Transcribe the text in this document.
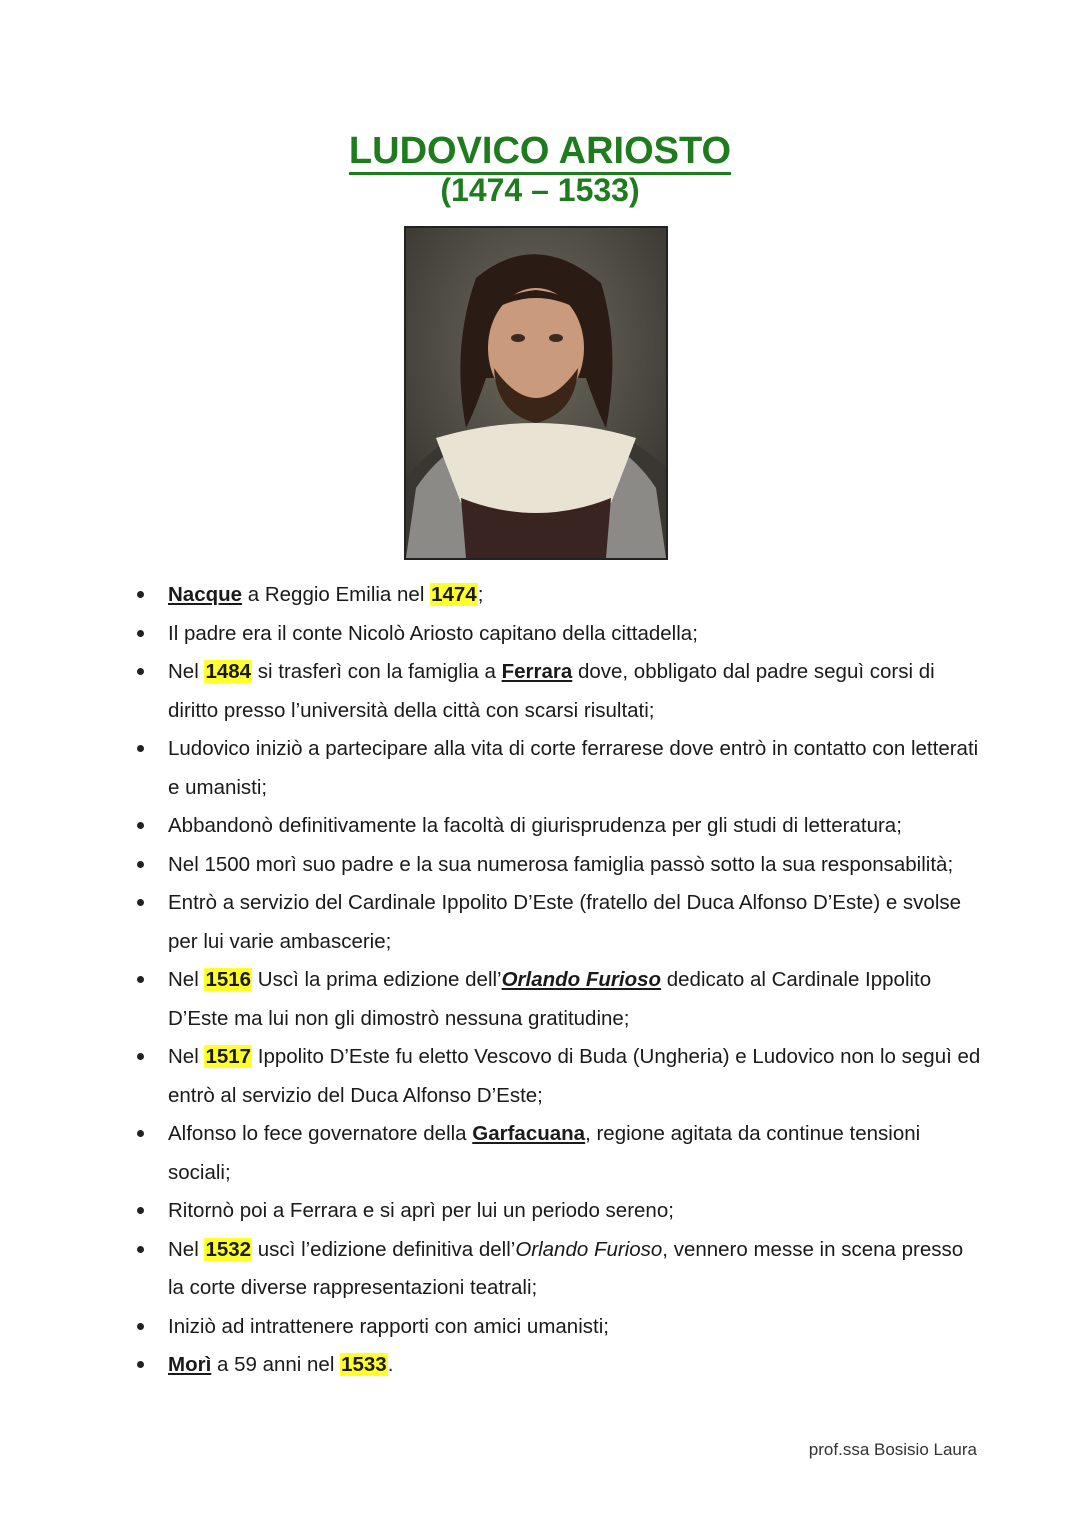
LUDOVICO ARIOSTO
(1474 – 1533)
Nacque a Reggio Emilia nel 1474;
Il padre era il conte Nicolò Ariosto capitano della cittadella;
Nel 1484 si trasferì con la famiglia a Ferrara dove, obbligato dal padre seguì corsi di diritto presso l’università della città con scarsi risultati;
Ludovico iniziò a partecipare alla vita di corte ferrarese dove entrò in contatto con letterati e umanisti;
Abbandonò definitivamente la facoltà di giurisprudenza per gli studi di letteratura;
Nel 1500 morì suo padre e la sua numerosa famiglia passò sotto la sua responsabilità;
Entrò a servizio del Cardinale Ippolito D’Este (fratello del Duca Alfonso D’Este) e svolse per lui varie ambascerie;
Nel 1516 Uscì la prima edizione dell’Orlando Furioso dedicato al Cardinale Ippolito D’Este ma lui non gli dimostrò nessuna gratitudine;
Nel 1517 Ippolito D’Este fu eletto Vescovo di Buda (Ungheria) e Ludovico non lo seguì ed entrò al servizio del Duca Alfonso D’Este;
Alfonso lo fece governatore della Garfacuana, regione agitata da continue tensioni sociali;
Ritornò poi a Ferrara e si aprì per lui un periodo sereno;
Nel 1532 uscì l’edizione definitiva dell’Orlando Furioso, vennero messe in scena presso la corte diverse rappresentazioni teatrali;
Iniziò ad intrattenere rapporti con amici umanisti;
Morì a 59 anni nel 1533.
prof.ssa Bosisio Laura
